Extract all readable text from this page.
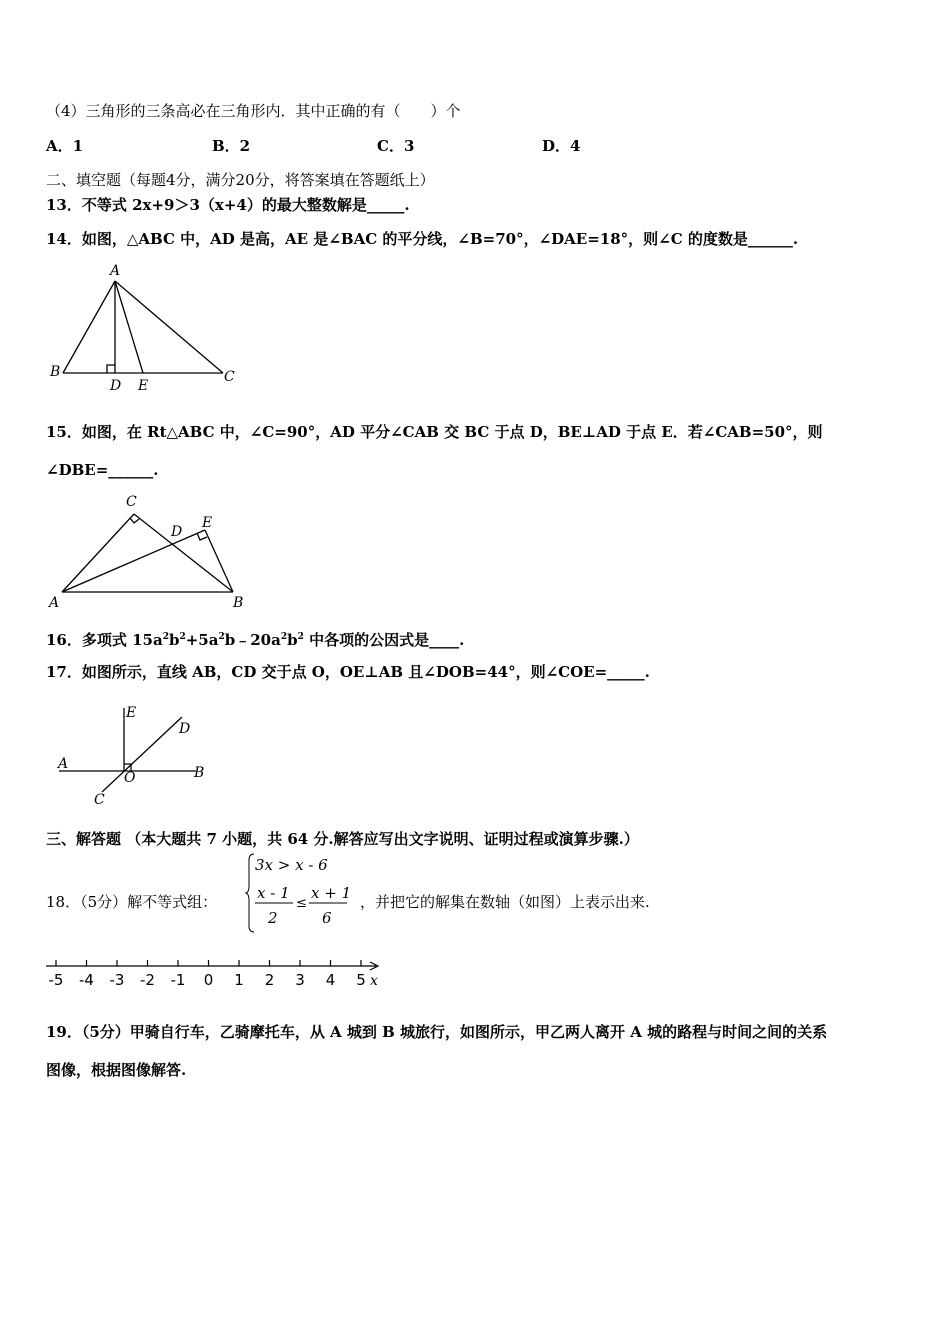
（4）三角形的三条高必在三角形内．其中正确的有（　　）个
A．1	B．2	C．3	D．4
二、填空题（每题4分，满分20分，将答案填在答题纸上）
13．不等式 2x+9＞3（x+4）的最大整数解是_____.
14．如图，△ABC 中，AD 是高，AE 是∠BAC 的平分线，∠B=70°，∠DAE=18°，则∠C 的度数是______.
A
B	C
D E
15．如图，在 Rt△ABC 中，∠C=90°，AD 平分∠CAB 交 BC 于点 D，BE⊥AD 于点 E．若∠CAB=50°，则
∠DBE=______.
C
D
E
A	B
16．多项式 $15a^2b^2+5a^2b﹣20a^2b^2$ 中各项的公因式是____.
17．如图所示，直线 AB，CD 交于点 O，OE⊥AB 且∠DOB=44°，则∠COE=_____.
A
B
C
D
E
O
三、解答题 （本大题共 7 小题，共 64 分.解答应写出文字说明、证明过程或演算步骤.）
18．（5分）解不等式组：
3x > x - 6
x - 1
2
≤
x + 1
6
，并把它的解集在数轴（如图）上表示出来.
-5 -4 -3 -2 -1 0 1 2 3 4 5 x
19．（5分）甲骑自行车，乙骑摩托车，从 A 城到 B 城旅行，如图所示，甲乙两人离开 A 城的路程与时间之间的关系
图像，根据图像解答.
